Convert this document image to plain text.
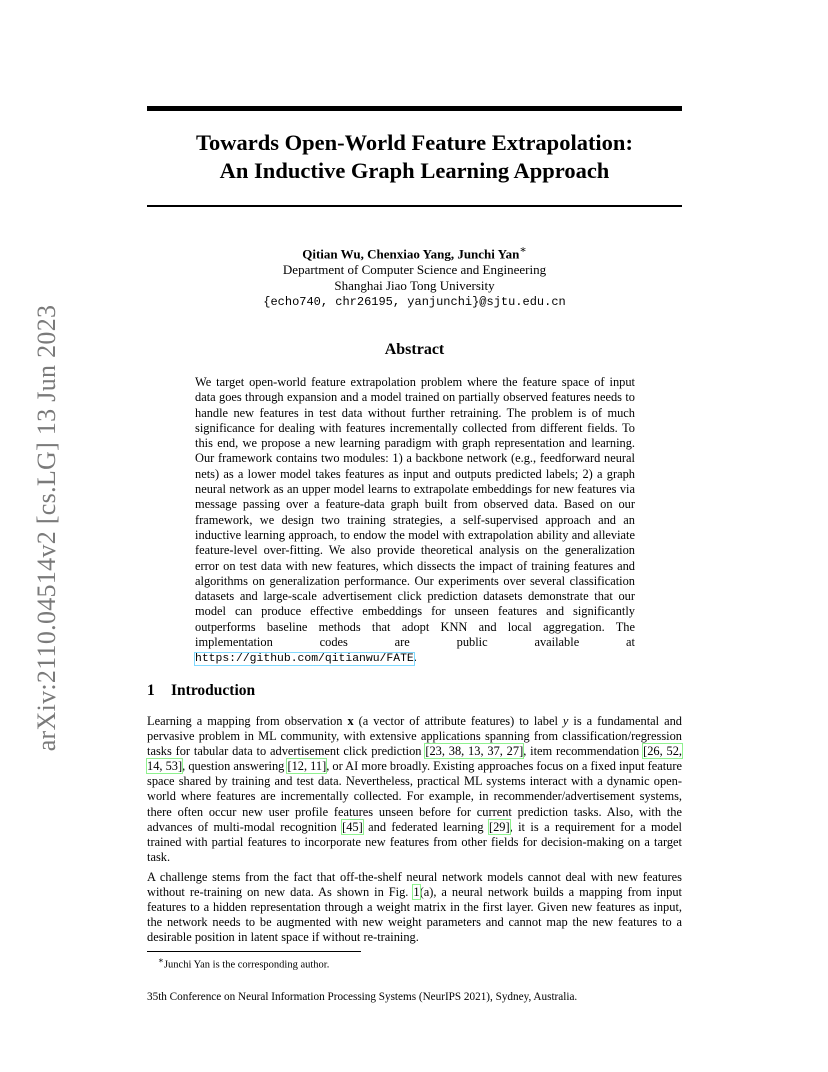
arXiv:2110.04514v2 [cs.LG] 13 Jun 2023
Towards Open-World Feature Extrapolation:
An Inductive Graph Learning Approach
Qitian Wu, Chenxiao Yang, Junchi Yan∗
Department of Computer Science and Engineering
Shanghai Jiao Tong University
{echo740, chr26195, yanjunchi}@sjtu.edu.cn
Abstract
We target open-world feature extrapolation problem where the feature space of input data goes through expansion and a model trained on partially observed features needs to handle new features in test data without further retraining. The problem is of much significance for dealing with features incrementally collected from different fields. To this end, we propose a new learning paradigm with graph representation and learning. Our framework contains two modules: 1) a backbone network (e.g., feedforward neural nets) as a lower model takes features as input and outputs predicted labels; 2) a graph neural network as an upper model learns to extrapolate embeddings for new features via message passing over a feature-data graph built from observed data. Based on our framework, we design two training strategies, a self-supervised approach and an inductive learning approach, to endow the model with extrapolation ability and alleviate feature-level over-fitting. We also provide theoretical analysis on the generalization error on test data with new features, which dissects the impact of training features and algorithms on generalization performance. Our experiments over several classification datasets and large-scale advertisement click prediction datasets demonstrate that our model can produce effective embeddings for unseen features and significantly outperforms baseline methods that adopt KNN and local aggregation. The implementation codes are public available at https://github.com/qitianwu/FATE.
1 Introduction
Learning a mapping from observation x (a vector of attribute features) to label y is a fundamental and pervasive problem in ML community, with extensive applications spanning from classification/regression tasks for tabular data to advertisement click prediction [23, 38, 13, 37, 27], item recommendation [26, 52, 14, 53], question answering [12, 11], or AI more broadly. Existing approaches focus on a fixed input feature space shared by training and test data. Nevertheless, practical ML systems interact with a dynamic open-world where features are incrementally collected. For example, in recommender/advertisement systems, there often occur new user profile features unseen before for current prediction tasks. Also, with the advances of multi-modal recognition [45] and federated learning [29], it is a requirement for a model trained with partial features to incorporate new features from other fields for decision-making on a target task.
A challenge stems from the fact that off-the-shelf neural network models cannot deal with new features without re-training on new data. As shown in Fig. 1(a), a neural network builds a mapping from input features to a hidden representation through a weight matrix in the first layer. Given new features as input, the network needs to be augmented with new weight parameters and cannot map the new features to a desirable position in latent space if without re-training.
∗Junchi Yan is the corresponding author.
35th Conference on Neural Information Processing Systems (NeurIPS 2021), Sydney, Australia.
